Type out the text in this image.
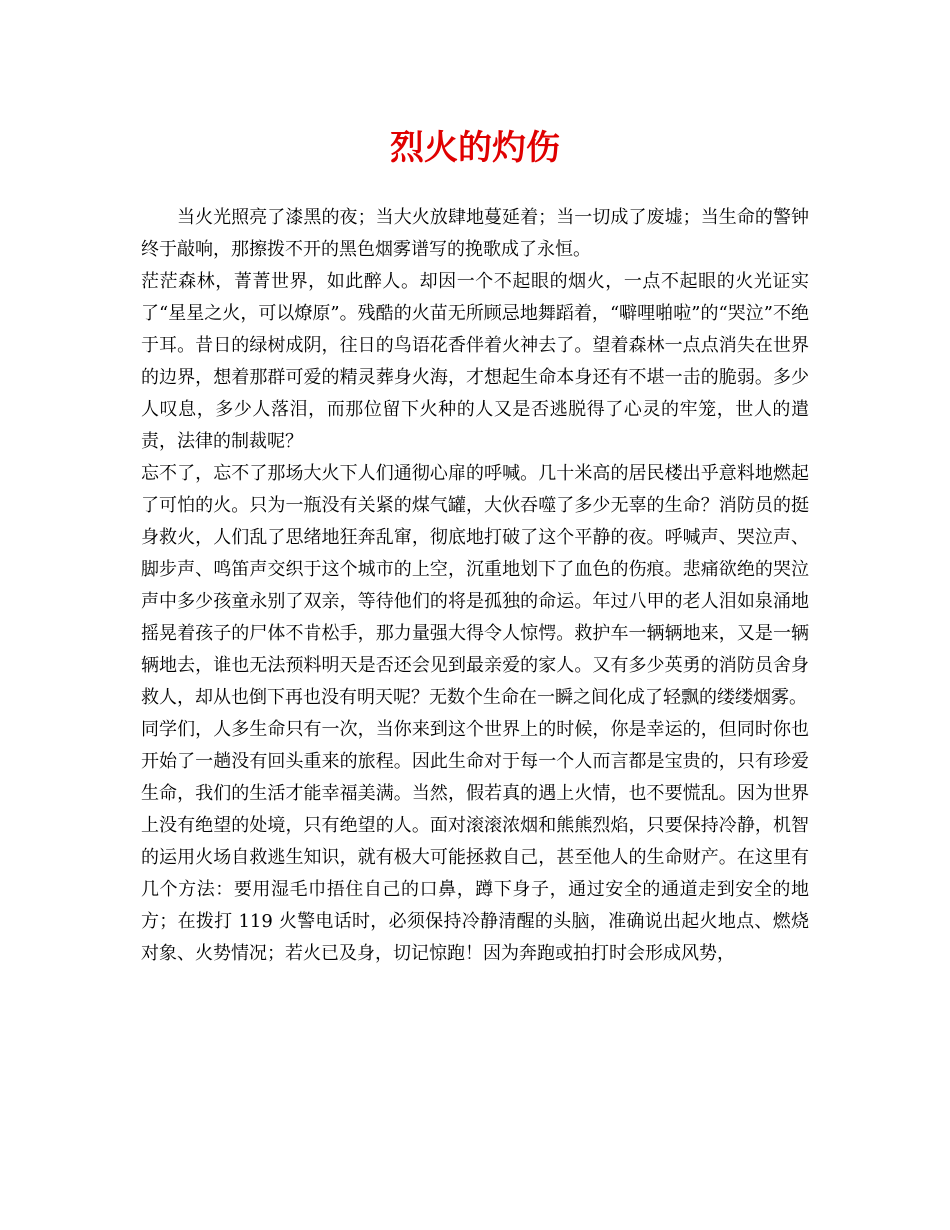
烈火的灼伤

当火光照亮了漆黑的夜；当大火放肆地蔓延着；当一切成了废墟；当生命的警钟终于敲响，那擦拨不开的黑色烟雾谱写的挽歌成了永恒。

茫茫森林，菁菁世界，如此醉人。却因一个不起眼的烟火，一点不起眼的火光证实了“星星之火，可以燎原”。残酷的火苗无所顾忌地舞蹈着，“噼哩啪啦”的“哭泣”不绝于耳。昔日的绿树成阴，往日的鸟语花香伴着火神去了。望着森林一点点消失在世界的边界，想着那群可爱的精灵葬身火海，才想起生命本身还有不堪一击的脆弱。多少人叹息，多少人落泪，而那位留下火种的人又是否逃脱得了心灵的牢笼，世人的遣责，法律的制裁呢？

忘不了，忘不了那场大火下人们通彻心扉的呼喊。几十米高的居民楼出乎意料地燃起了可怕的火。只为一瓶没有关紧的煤气罐，大伙吞噬了多少无辜的生命？消防员的挺身救火，人们乱了思绪地狂奔乱窜，彻底地打破了这个平静的夜。呼喊声、哭泣声、脚步声、鸣笛声交织于这个城市的上空，沉重地划下了血色的伤痕。悲痛欲绝的哭泣声中多少孩童永别了双亲，等待他们的将是孤独的命运。年过八甲的老人泪如泉涌地摇晃着孩子的尸体不肯松手，那力量强大得令人惊愕。救护车一辆辆地来，又是一辆辆地去，谁也无法预料明天是否还会见到最亲爱的家人。又有多少英勇的消防员舍身救人，却从也倒下再也没有明天呢？无数个生命在一瞬之间化成了轻飘的缕缕烟雾。

同学们，人多生命只有一次，当你来到这个世界上的时候，你是幸运的，但同时你也开始了一趟没有回头重来的旅程。因此生命对于每一个人而言都是宝贵的，只有珍爱生命，我们的生活才能幸福美满。当然，假若真的遇上火情，也不要慌乱。因为世界上没有绝望的处境，只有绝望的人。面对滚滚浓烟和熊熊烈焰，只要保持冷静，机智的运用火场自救逃生知识，就有极大可能拯救自己，甚至他人的生命财产。在这里有几个方法：要用湿毛巾捂住自己的口鼻，蹲下身子，通过安全的通道走到安全的地方；在拨打 119 火警电话时，必须保持冷静清醒的头脑，准确说出起火地点、燃烧对象、火势情况；若火已及身，切记惊跑！因为奔跑或拍打时会形成风势，
